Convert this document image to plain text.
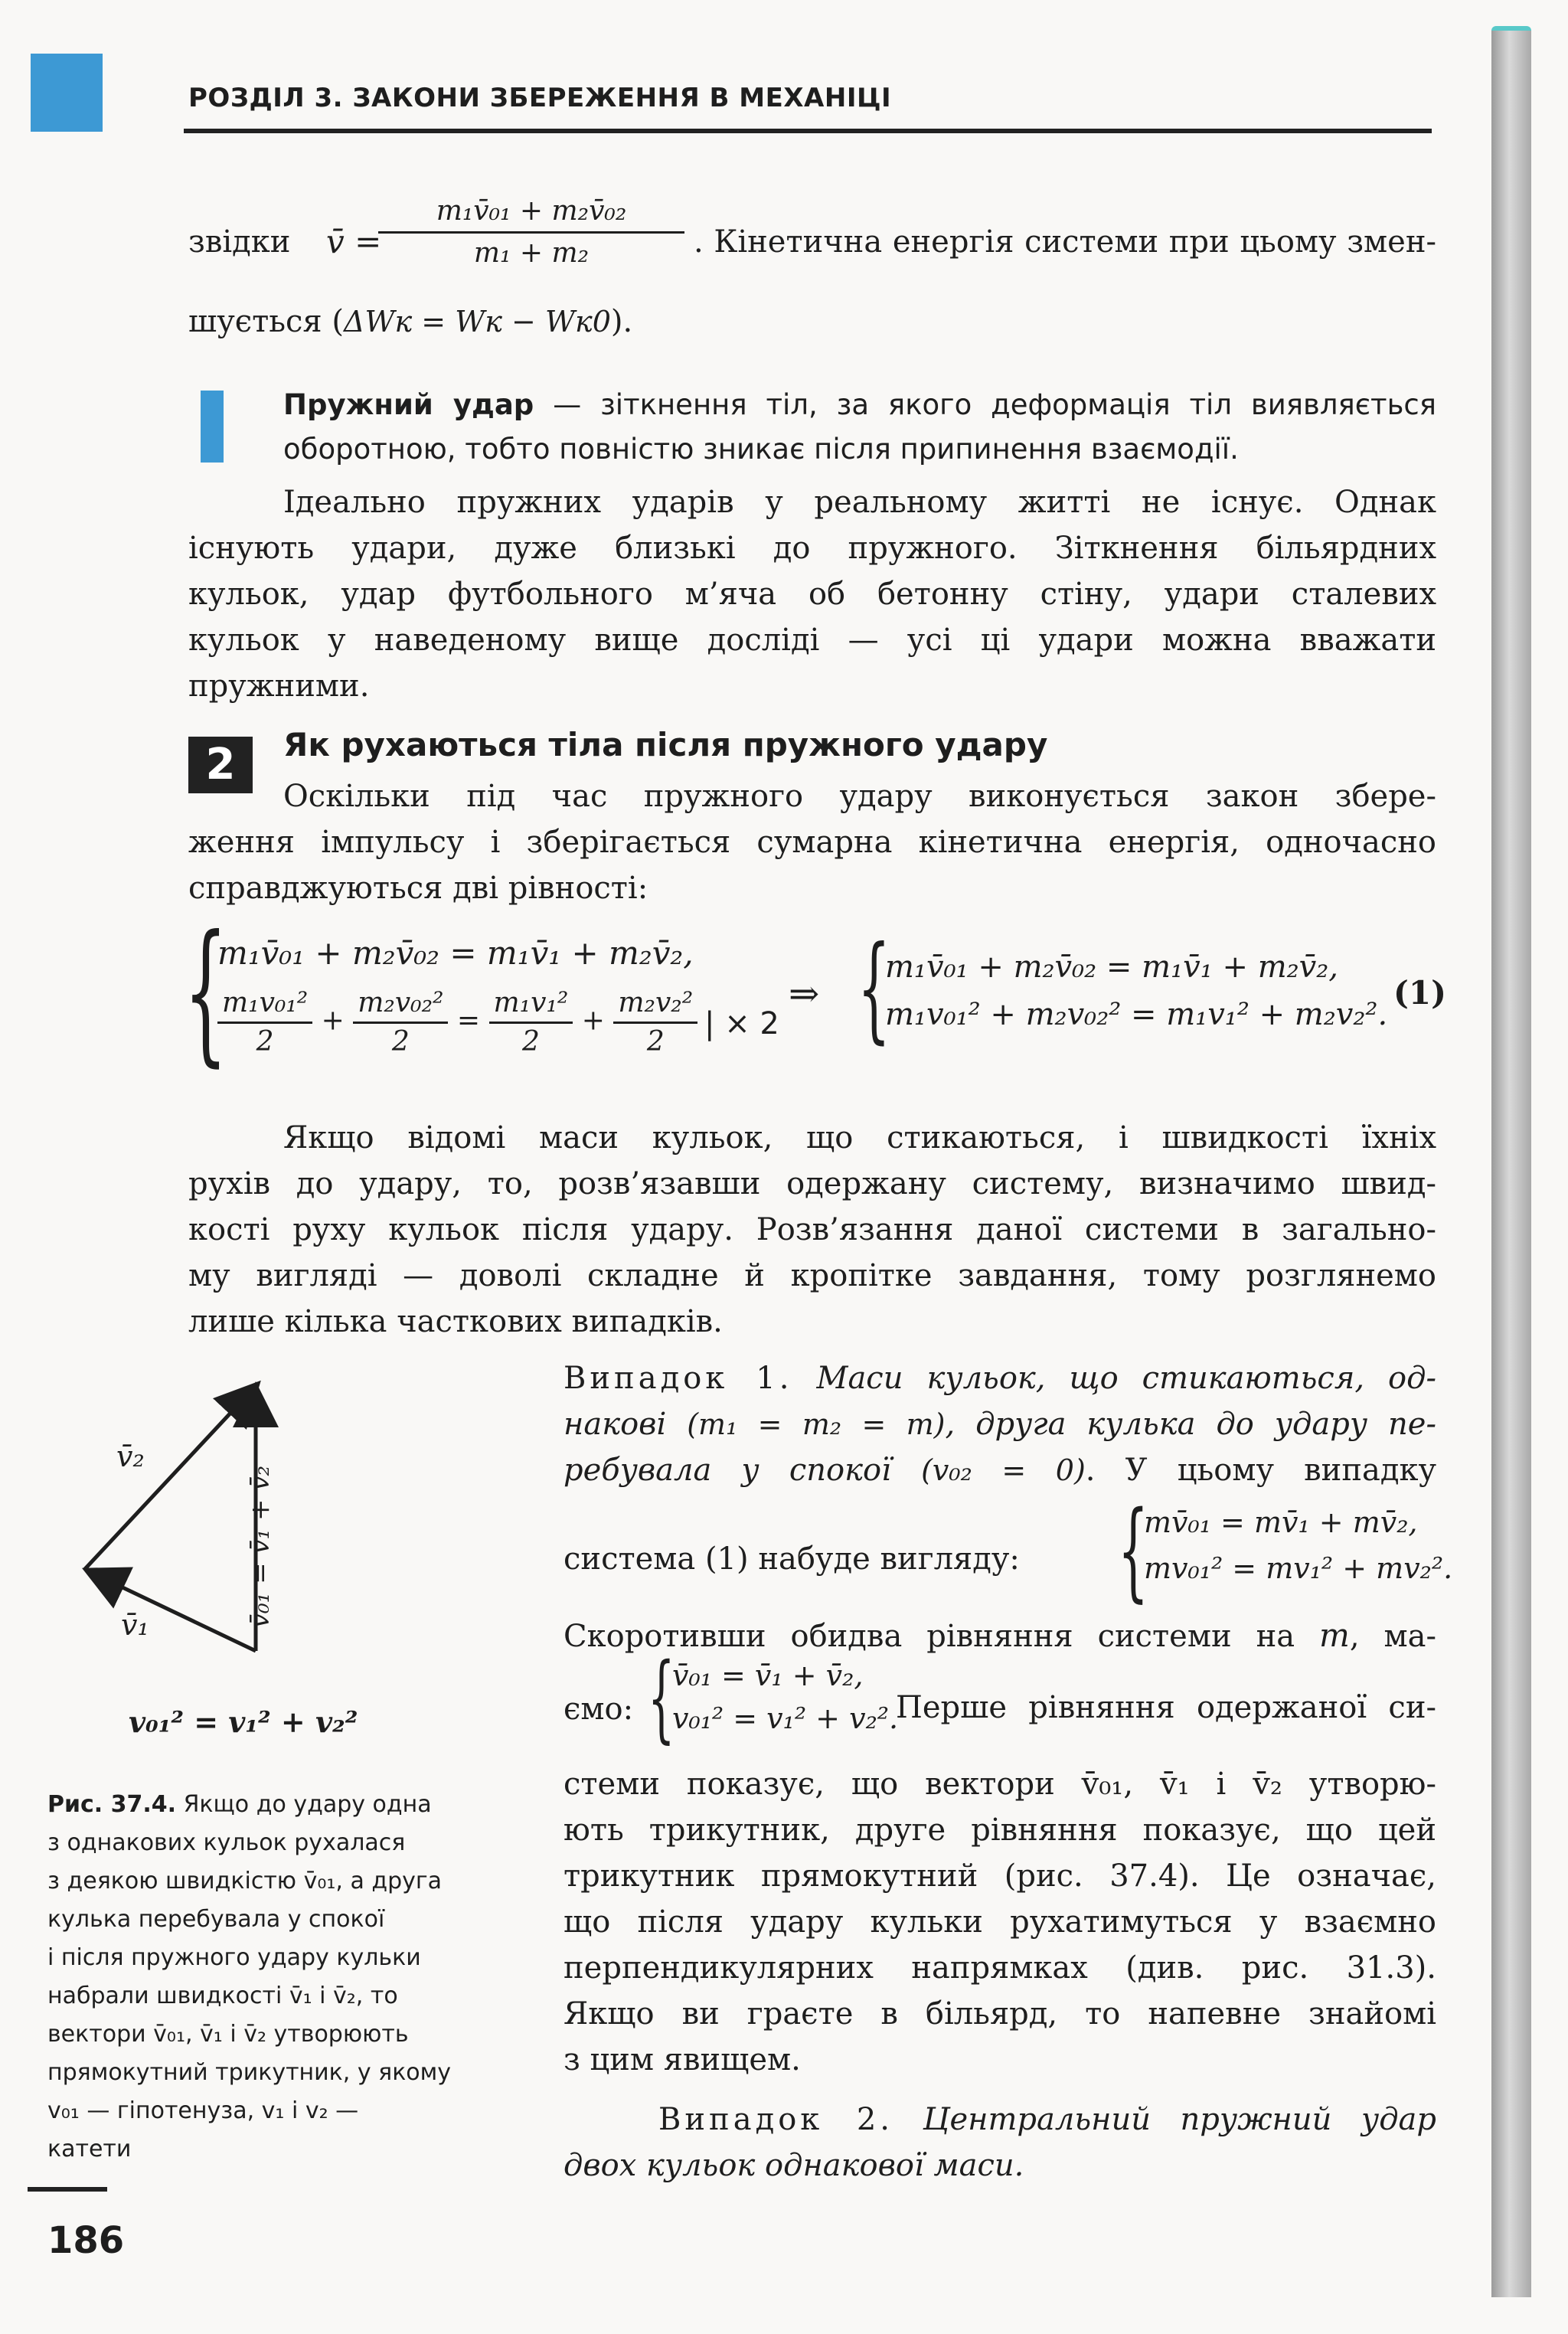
РОЗДІЛ 3. ЗАКОНИ ЗБЕРЕЖЕННЯ В МЕХАНІЦІ
звідки v̄ =
$\frac{\text{m₁v̄₀₁ + m₂v̄₀₂}}{\text{m₁ + m₂}}$ . Кінетична енергія системи при цьому змен-
шується (ΔWк = Wк − Wк0).
Пружний удар — зіткнення тіл, за якого деформація тіл виявляється
оборотною, тобто повністю зникає після припинення взаємодії.
Ідеально пружних ударів у реальному житті не існує. Однак
існують удари, дуже близькі до пружного. Зіткнення більярдних
кульок, удар футбольного м’яча об бетонну стіну, удари сталевих
кульок у наведеному вище досліді — усі ці удари можна вважати
пружними.
2	Як рухаються тіла після пружного удару
Оскільки під час пружного удару виконується закон збере-
ження імпульсу і зберігається сумарна кінетична енергія, одночасно
справджуються дві рівності:
{
m₁v̄₀₁ + m₂v̄₀₂ = m₁v̄₁ + m₂v̄₂,
$\frac{\text{m₁v₀₁²}}{2} + \frac{\text{m₂v₀₂²}}{2} = \frac{\text{m₁v₁²}}{2} + \frac{\text{m₂v₂²}}{2}$ | × 2
⇒ {
m₁v̄₀₁ + m₂v̄₀₂ = m₁v̄₁ + m₂v̄₂,
m₁v₀₁² + m₂v₀₂² = m₁v₁² + m₂v₂².
(1)
Якщо відомі маси кульок, що стикаються, і швидкості їхніх
рухів до удару, то, розв’язавши одержану систему, визначимо швид-
кості руху кульок після удару. Розв’язання даної системи в загально-
му вигляді — доволі складне й кропітке завдання, тому розглянемо
лише кілька часткових випадків.
v̄₂
v̄₁	v̄₀₁ = v̄₁ + v̄₂
v₀₁² = v₁² + v₂²
Рис. 37.4. Якщо до удару одна
з однакових кульок рухалася
з деякою швидкістю v̄₀₁, а друга
кулька перебувала у спокої
і після пружного удару кульки
набрали швидкості v̄₁ і v̄₂, то
вектори v̄₀₁, v̄₁ і v̄₂ утворюють
прямокутний трикутник, у якому
v₀₁ — гіпотенуза, v₁ і v₂ —
катети
Випадок 1. Маси кульок, що стикаються, од-
накові (m₁ = m₂ = m), друга кулька до удару пе-
ребувала у спокої (v₀₂ = 0). У цьому випадку
система (1) набуде вигляду: {
mv̄₀₁ = mv̄₁ + mv̄₂,
mv₀₁² = mv₁² + mv₂².
Скоротивши обидва рівняння системи на m, ма-
ємо: {
v̄₀₁ = v̄₁ + v̄₂,
v₀₁² = v₁² + v₂².
Перше рівняння одержаної си-
стеми показує, що вектори v̄₀₁, v̄₁ і v̄₂ утворю-
ють трикутник, друге рівняння показує, що цей
трикутник прямокутний (рис. 37.4). Це означає,
що після удару кульки рухатимуться у взаємно
перпендикулярних напрямках (див. рис. 31.3).
Якщо ви граєте в більярд, то напевне знайомі
з цим явищем.
Випадок 2. Центральний пружний удар
двох кульок однакової маси.
186
